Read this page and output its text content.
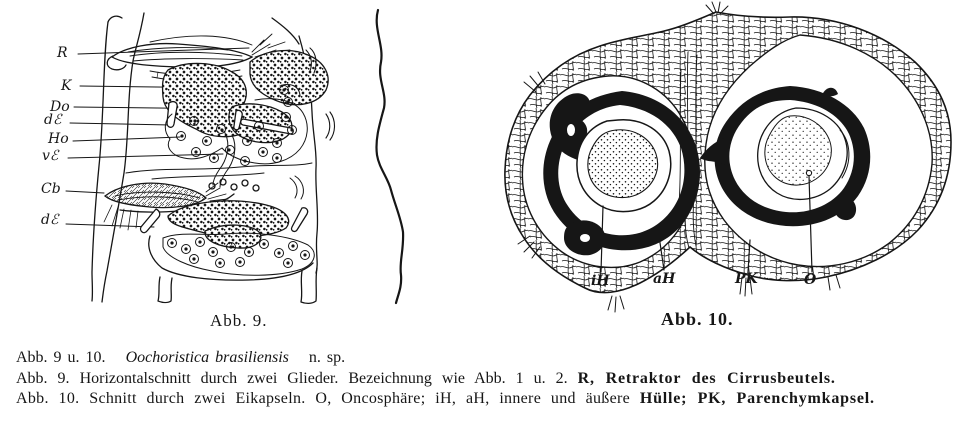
R
K
Do
dℰ
Ho
vℰ
Cb
dℰ
iH	aH	PK	O
Abb. 9.	Abb. 10.
Abb. 9 u. 10. Oochoristica brasiliensis n. sp.
Abb. 9. Horizontalschnitt durch zwei Glieder. Bezeichnung wie Abb. 1 u. 2. R, Retraktor des Cirrusbeutels.
Abb. 10. Schnitt durch zwei Eikapseln. O, Oncosphäre; iH, aH, innere und äußere Hülle; PK, Parenchymkapsel.
